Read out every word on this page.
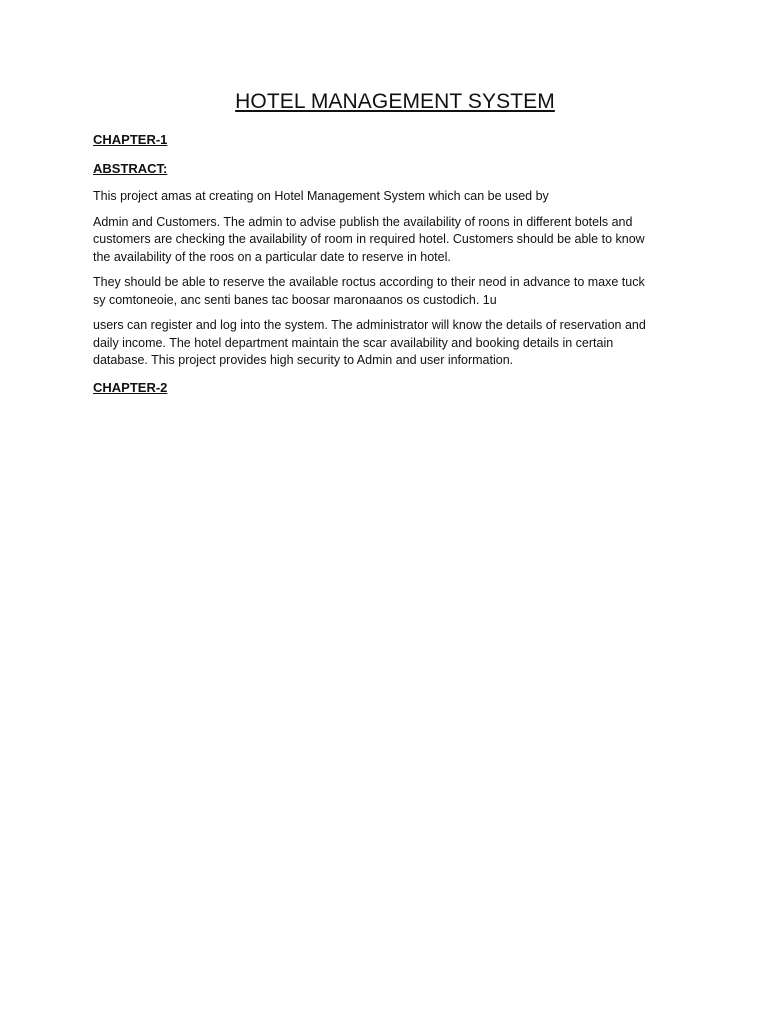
HOTEL MANAGEMENT SYSTEM
CHAPTER-1
ABSTRACT:

This project amas at creating on Hotel Management System which can be used by

Admin and Customers. The admin to advise publish the availability of roons in different botels and
customers are checking the availability of room in required hotel. Customers should be able to know
the availability of the roos on a particular date to reserve in hotel.

They should be able to reserve the available roctus according to their neod in advance to maxe tuck
sy comtoneoie, anc senti banes tac boosar maronaanos os custodich. 1u

users can register and log into the system. The administrator will know the details of reservation and
daily income. The hotel department maintain the scar availability and booking details in certain
database. This project provides high security to Admin and user information.

CHAPTER-2
